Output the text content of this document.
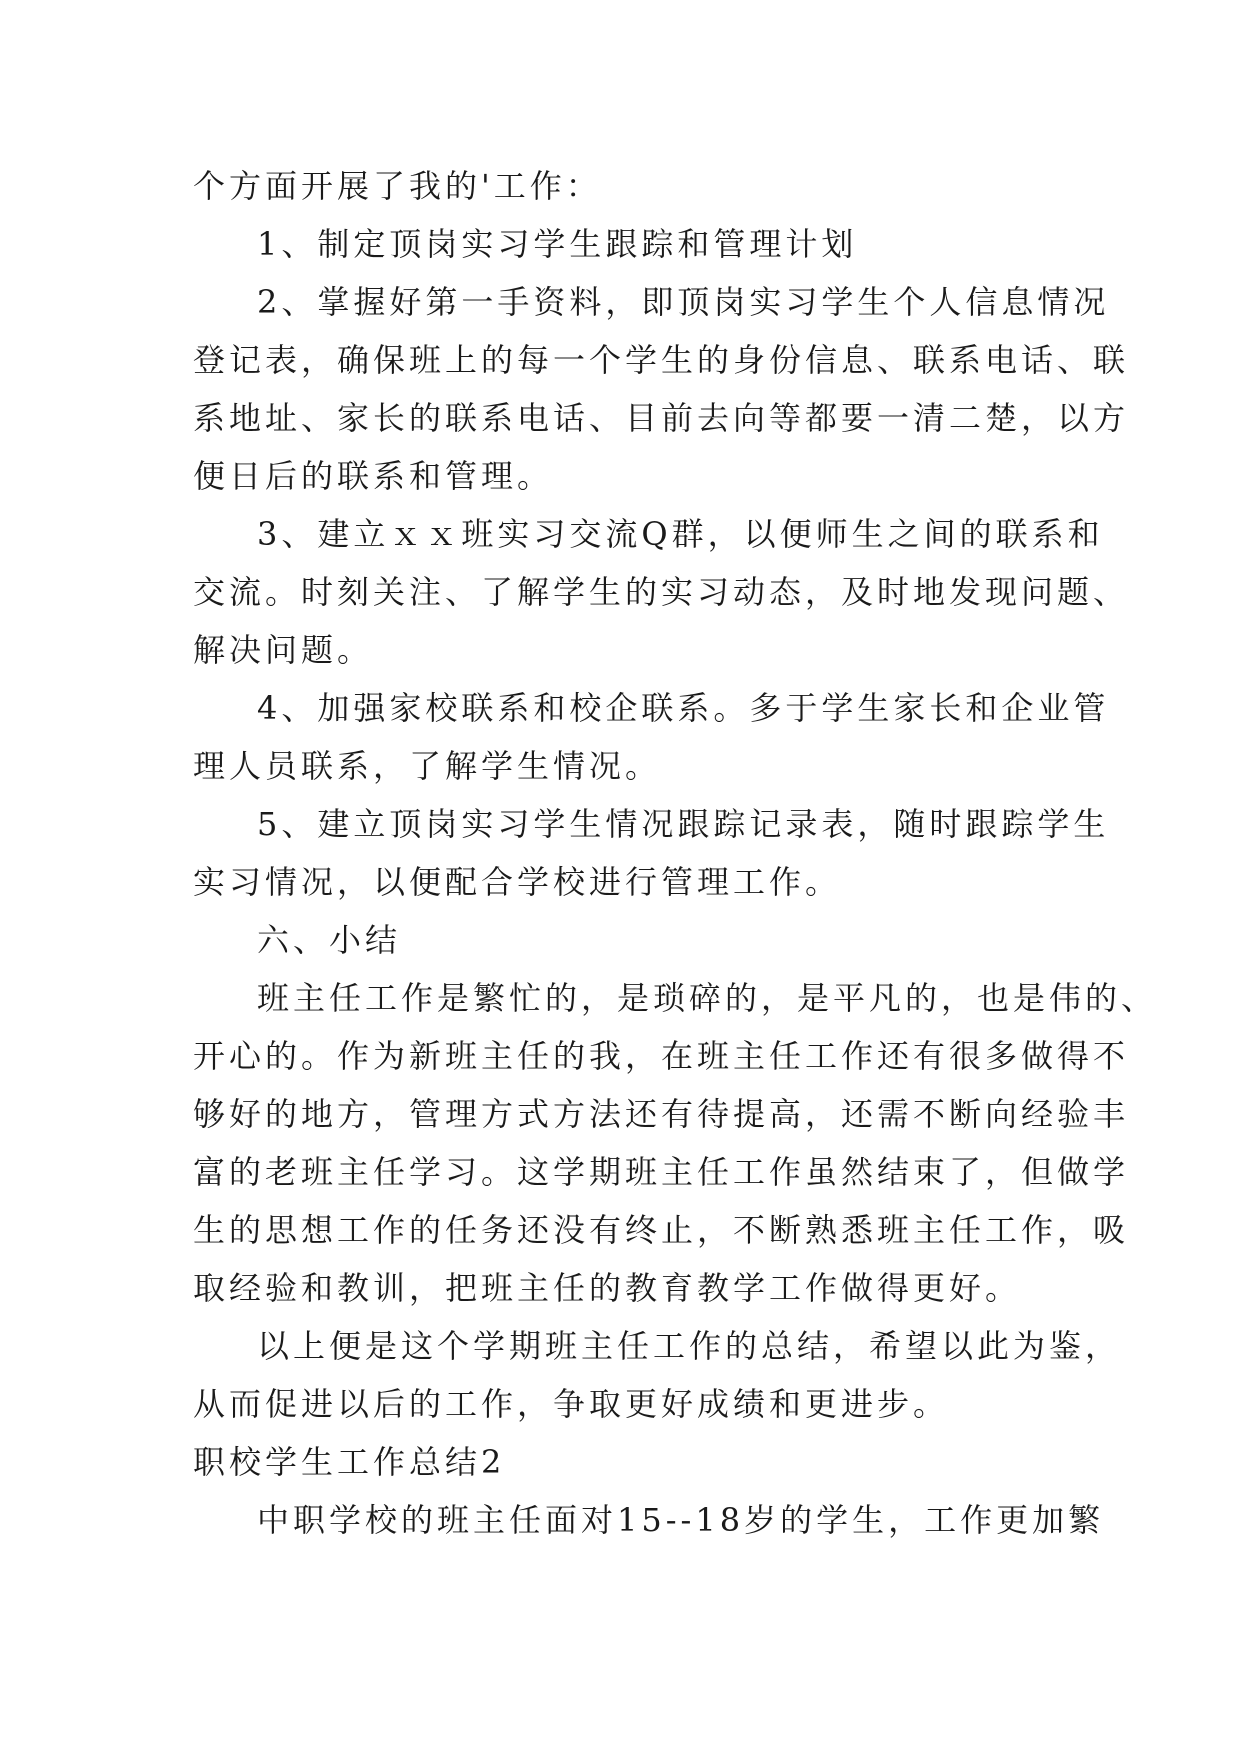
个方面开展了我的'工作：
1、制定顶岗实习学生跟踪和管理计划
2、掌握好第一手资料，即顶岗实习学生个人信息情况
登记表，确保班上的每一个学生的身份信息、联系电话、联
系地址、家长的联系电话、目前去向等都要一清二楚，以方
便日后的联系和管理。
3、建立ｘｘ班实习交流Q群，以便师生之间的联系和
交流。时刻关注、了解学生的实习动态，及时地发现问题、
解决问题。
4、加强家校联系和校企联系。多于学生家长和企业管
理人员联系，了解学生情况。
5、建立顶岗实习学生情况跟踪记录表，随时跟踪学生
实习情况，以便配合学校进行管理工作。
六、小结
班主任工作是繁忙的，是琐碎的，是平凡的，也是伟的、
开心的。作为新班主任的我，在班主任工作还有很多做得不
够好的地方，管理方式方法还有待提高，还需不断向经验丰
富的老班主任学习。这学期班主任工作虽然结束了，但做学
生的思想工作的任务还没有终止，不断熟悉班主任工作，吸
取经验和教训，把班主任的教育教学工作做得更好。
以上便是这个学期班主任工作的总结，希望以此为鉴，
从而促进以后的工作，争取更好成绩和更进步。
职校学生工作总结2
中职学校的班主任面对15--18岁的学生，工作更加繁
